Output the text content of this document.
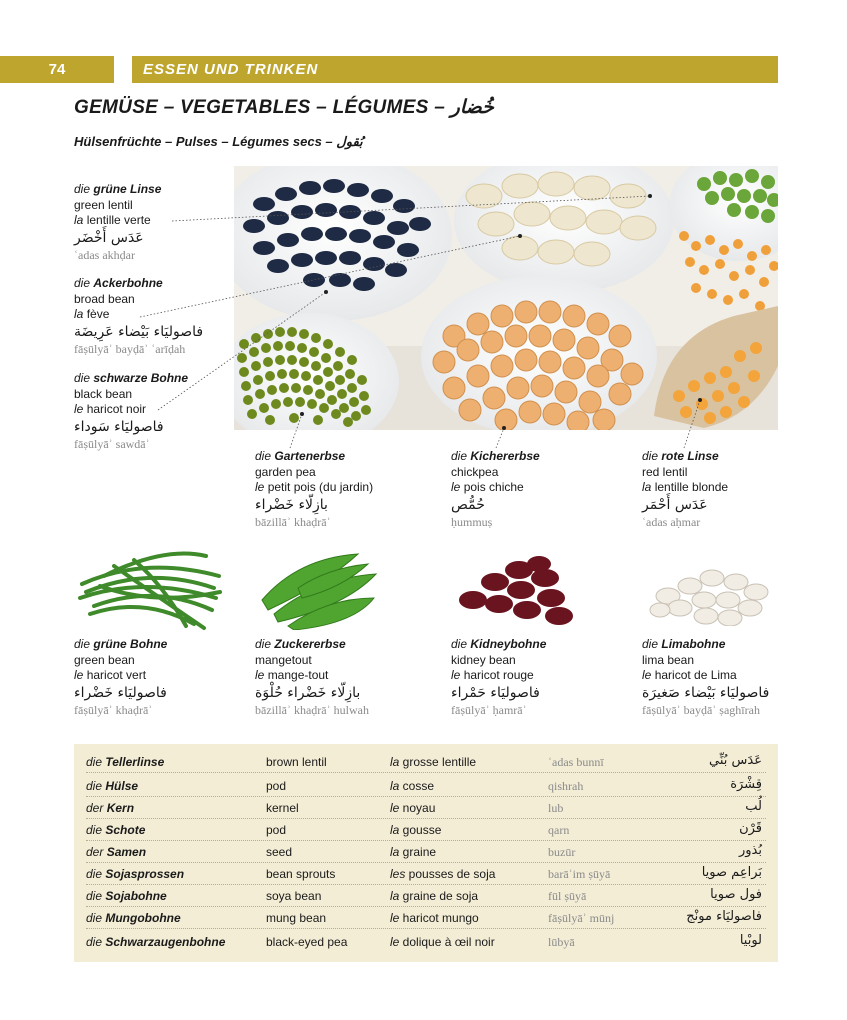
74	ESSEN UND TRINKEN
GEMÜSE – VEGETABLES – LÉGUMES – خُضار
Hülsenfrüchte – Pulses – Légumes secs – بُقول
die grüne Linse
green lentil
la lentille verte
عَدَس أَخْضَر
ʿadas akhḍar
die Ackerbohne
broad bean
la fève
فاصوليَاء بَيْضاء عَرِيضَة
fāṣūlyāʾ bayḍāʾ ʿarīḍah
die schwarze Bohne
black bean
le haricot noir
فاصوليَاء سَوداء
fāṣūlyāʾ sawdāʾ
die Gartenerbse
garden pea
le petit pois (du jardin)
بازِلّاء خَضْراء
bāzillāʾ khaḍrāʾ
die Kichererbse
chickpea
le pois chiche
حُمُّص
ḥummuṣ
die rote Linse
red lentil
la lentille blonde
عَدَس أَحْمَر
ʿadas aḥmar
die grüne Bohne
green bean
le haricot vert
فاصوليَاء خَضْراء
fāṣūlyāʾ khaḍrāʾ
die Zuckererbse
mangetout
le mange-tout
بازِلّاء خَضْراء حُلْوَة
bāzillāʾ khaḍrāʾ hulwah
die Kidneybohne
kidney bean
le haricot rouge
فاصوليَاء حَمْراء
fāṣūlyāʾ ḥamrāʾ
die Limabohne
lima bean
le haricot de Lima
فاصوليَاء بَيْضاء صَغيرَة
fāṣūlyāʾ bayḍāʾ ṣaghīrah
die Tellerlinse	brown lentil	la grosse lentille	ʿadas bunnī	عَدَس بُنِّي
die Hülse	pod	la cosse	qishrah	قِشْرَة
der Kern	kernel	le noyau	lub	لُب
die Schote	pod	la gousse	qarn	قَرْن
der Samen	seed	la graine	buzūr	بُذور
die Sojasprossen	bean sprouts	les pousses de soja	barāʿim ṣūyā	بَراعِم صويا
die Sojabohne	soya bean	la graine de soja	fūl ṣūyā	فول صويا
die Mungobohne	mung bean	le haricot mungo	fāṣūlyāʾ mūnj	فاصوليَاء مونْج
die Schwarzaugenbohne	black-eyed pea	le dolique à œil noir	lūbyā	لوبْيا
